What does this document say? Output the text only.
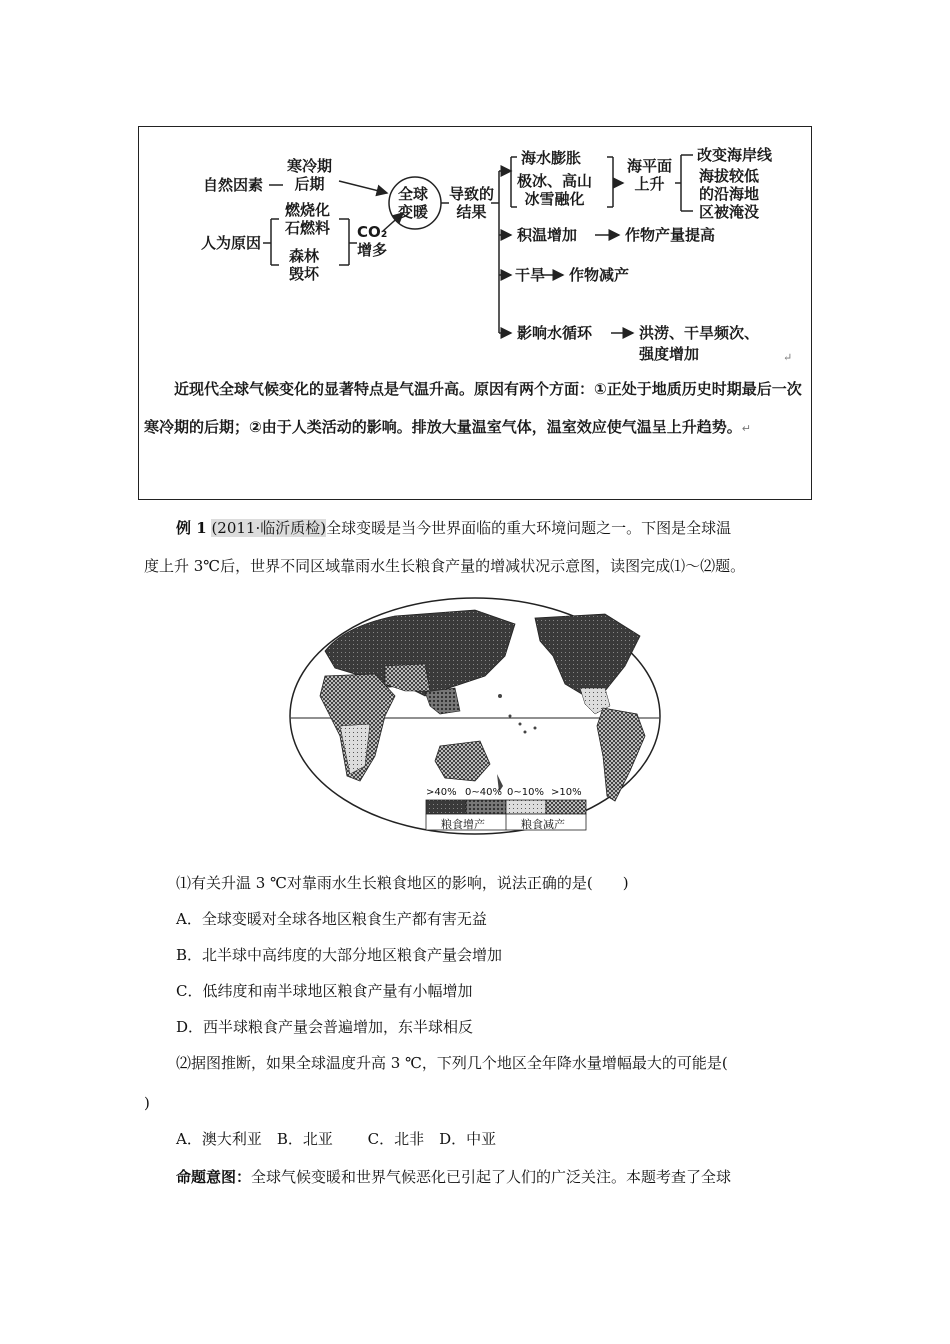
自然因素
寒冷期
后期
人为原因
燃烧化
石燃料
森林
毁坏
CO₂
增多
全球
变暖
导致的
结果
海水膨胀
极冰、高山
冰雪融化
海平面
上升
改变海岸线
海拔较低
的沿海地
区被淹没
积温增加	作物产量提高
干旱 作物减产
影响水循环	洪涝、干旱频次、
强度增加	↵
近现代全球气候变化的显著特点是气温升高。原因有两个方面：①正处于地质历史时期最后一次寒冷期的后期；②由于人类活动的影响。排放大量温室气体，温室效应使气温呈上升趋势。↵
例 1 (2011·临沂质检)全球变暖是当今世界面临的重大环境问题之一。下图是全球温
度上升 3℃后，世界不同区域靠雨水生长粮食产量的增减状况示意图，读图完成⑴～⑵题。
>40% 0~40% 0~10% >10%
粮食增产	粮食减产
⑴有关升温 3 ℃对靠雨水生长粮食地区的影响，说法正确的是(　　)
A．全球变暖对全球各地区粮食生产都有害无益
B．北半球中高纬度的大部分地区粮食产量会增加
C．低纬度和南半球地区粮食产量有小幅增加
D．西半球粮食产量会普遍增加，东半球相反
⑵据图推断，如果全球温度升高 3 ℃，下列几个地区全年降水量增幅最大的可能是(
)
A．澳大利亚　B．北亚　　 C．北非　D．中亚
命题意图：全球气候变暖和世界气候恶化已引起了人们的广泛关注。本题考查了全球
